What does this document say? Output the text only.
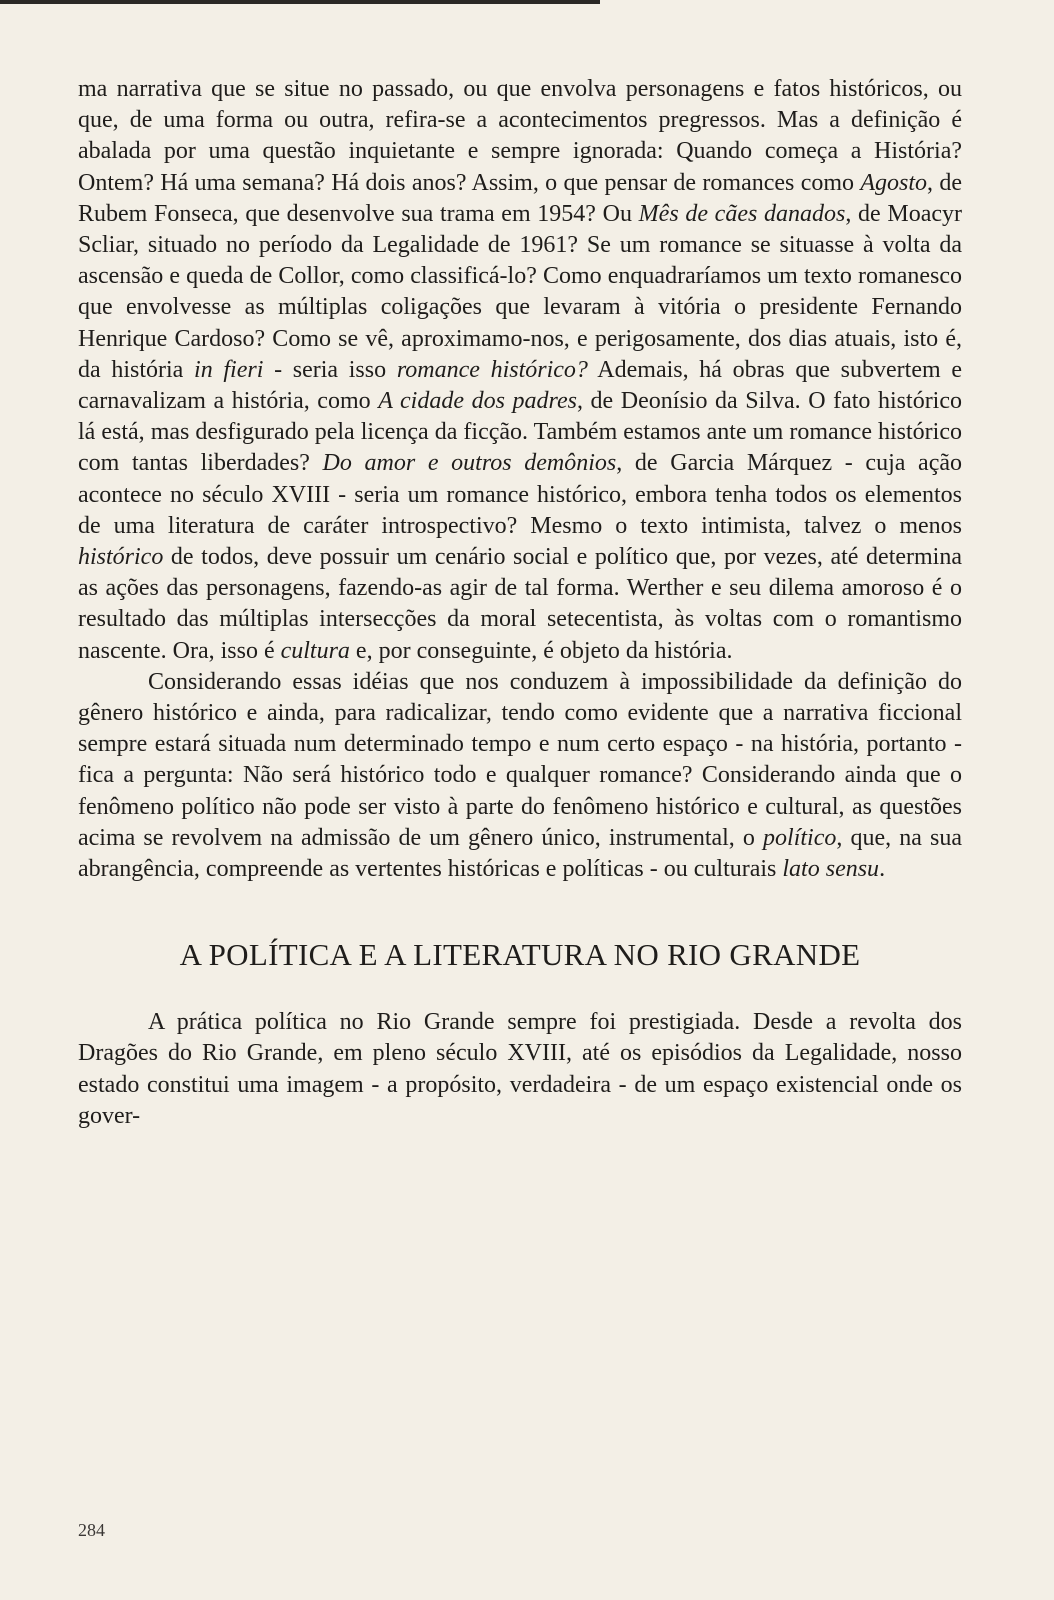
ma narrativa que se situe no passado, ou que envolva personagens e fatos históricos, ou que, de uma forma ou outra, refira-se a acontecimentos pregressos. Mas a definição é abalada por uma questão inquietante e sempre ignorada: Quando começa a História? Ontem? Há uma semana? Há dois anos? Assim, o que pensar de romances como Agosto, de Rubem Fonseca, que desenvolve sua trama em 1954? Ou Mês de cães danados, de Moacyr Scliar, situado no período da Legalidade de 1961? Se um romance se situasse à volta da ascensão e queda de Collor, como classificá-lo? Como enquadraríamos um texto romanesco que envolvesse as múltiplas coligações que levaram à vitória o presidente Fernando Henrique Cardoso? Como se vê, aproximamo-nos, e perigosamente, dos dias atuais, isto é, da história in fieri - seria isso romance histórico? Ademais, há obras que subvertem e carnavalizam a história, como A cidade dos padres, de Deonísio da Silva. O fato histórico lá está, mas desfigurado pela licença da ficção. Também estamos ante um romance histórico com tantas liberdades? Do amor e outros demônios, de Garcia Márquez - cuja ação acontece no século XVIII - seria um romance histórico, embora tenha todos os elementos de uma literatura de caráter introspectivo? Mesmo o texto intimista, talvez o menos histórico de todos, deve possuir um cenário social e político que, por vezes, até determina as ações das personagens, fazendo-as agir de tal forma. Werther e seu dilema amoroso é o resultado das múltiplas intersecções da moral setecentista, às voltas com o romantismo nascente. Ora, isso é cultura e, por conseguinte, é objeto da história.

Considerando essas idéias que nos conduzem à impossibilidade da definição do gênero histórico e ainda, para radicalizar, tendo como evidente que a narrativa ficcional sempre estará situada num determinado tempo e num certo espaço - na história, portanto - fica a pergunta: Não será histórico todo e qualquer romance? Considerando ainda que o fenômeno político não pode ser visto à parte do fenômeno histórico e cultural, as questões acima se revolvem na admissão de um gênero único, instrumental, o político, que, na sua abrangência, compreende as vertentes históricas e políticas - ou culturais lato sensu.

A POLÍTICA E A LITERATURA NO RIO GRANDE

A prática política no Rio Grande sempre foi prestigiada. Desde a revolta dos Dragões do Rio Grande, em pleno século XVIII, até os episódios da Legalidade, nosso estado constitui uma imagem - a propósito, verdadeira - de um espaço existencial onde os gover-

284
